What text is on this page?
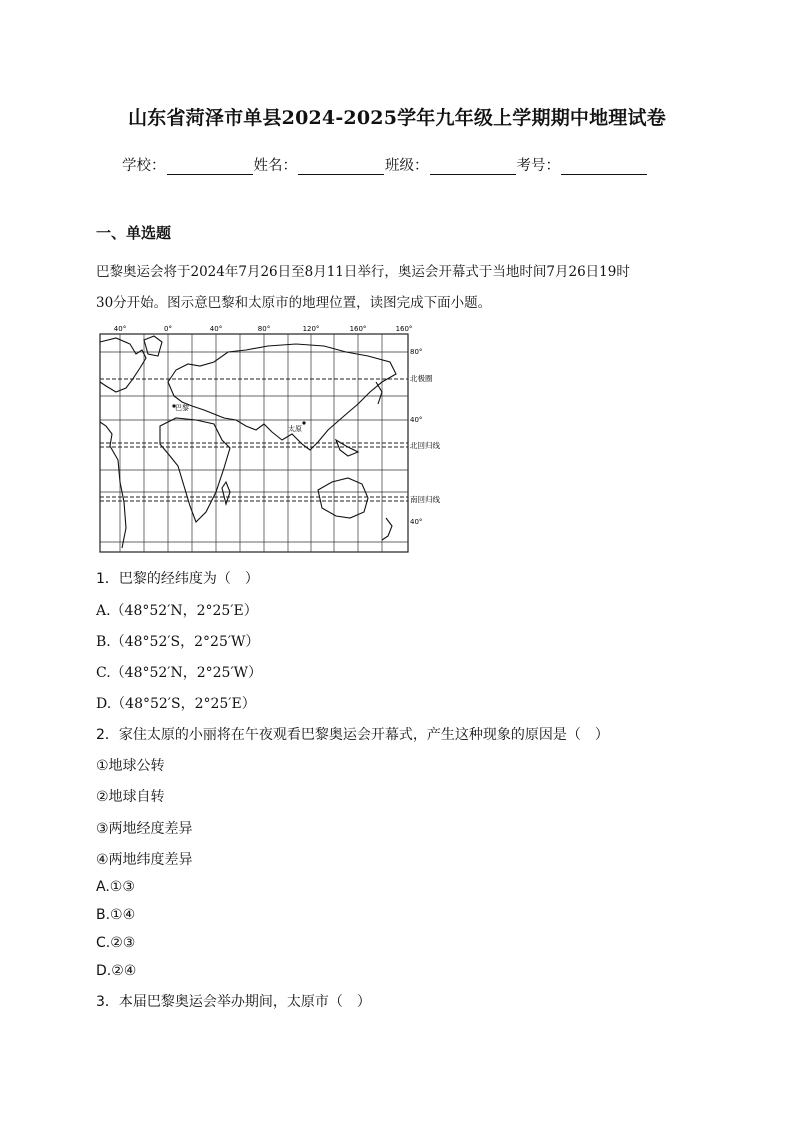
山东省菏泽市单县2024-2025学年九年级上学期期中地理试卷
学校：	姓名：	班级：	考号：
一、单选题
巴黎奥运会将于2024年7月26日至8月11日举行，奥运会开幕式于当地时间7月26日19时
30分开始。图示意巴黎和太原市的地理位置，读图完成下面小题。
40°	0°	40°	80°	120°	160°	160°
巴黎
太原
80°
40°
40°
北极圈
北回归线
南回归线
1．巴黎的经纬度为（　）
A.（48°52′N，2°25′E）
B.（48°52′S，2°25′W）
C.（48°52′N，2°25′W）
D.（48°52′S，2°25′E）
2．家住太原的小丽将在午夜观看巴黎奥运会开幕式，产生这种现象的原因是（　）
①地球公转
②地球自转
③两地经度差异
④两地纬度差异
A.①③
B.①④
C.②③
D.②④
3．本届巴黎奥运会举办期间，太原市（　）
